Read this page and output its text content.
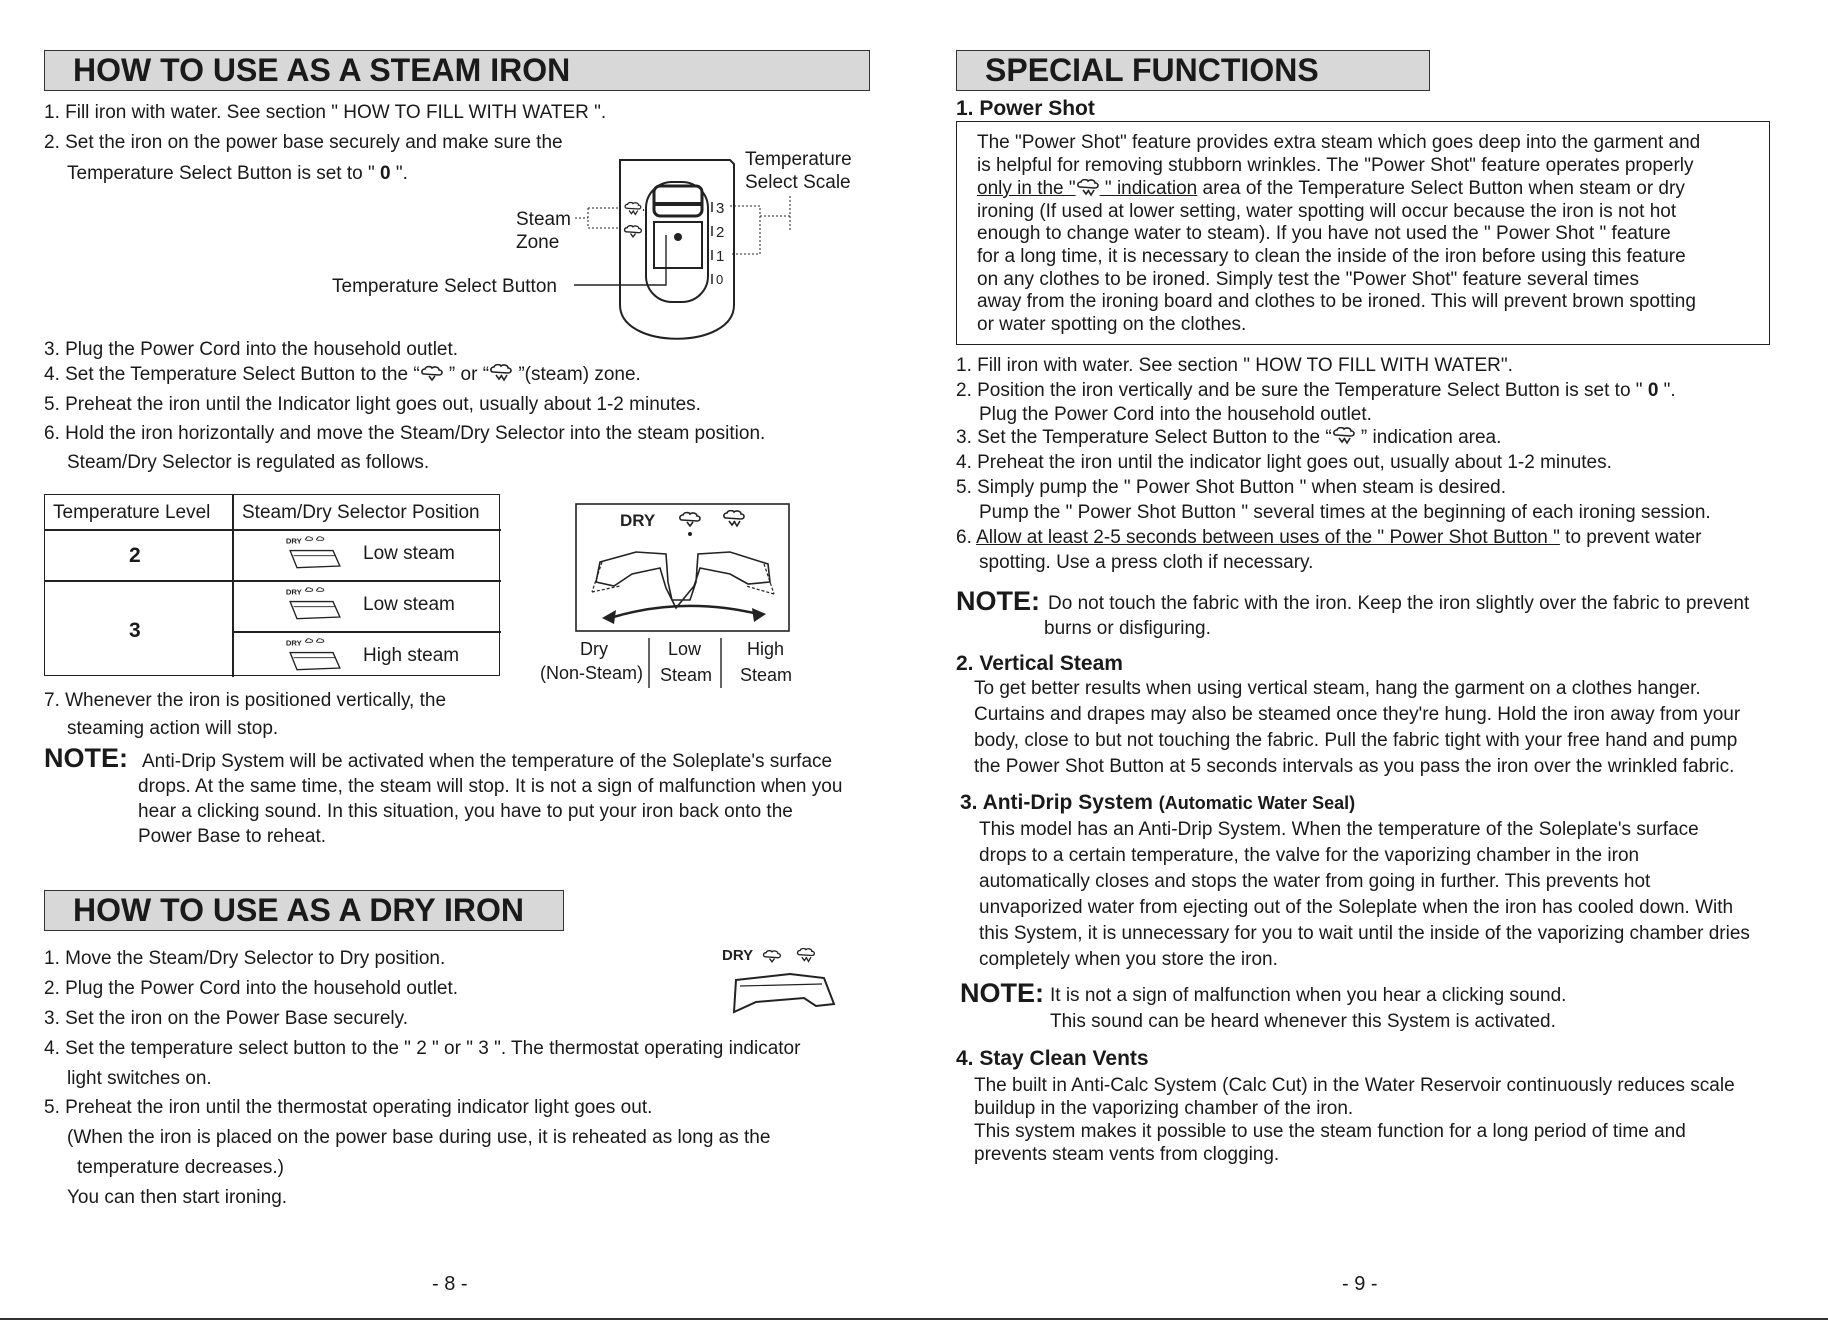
HOW TO USE AS A STEAM IRON
1. Fill iron with water. See section " HOW TO FILL WITH WATER ".
2. Set the iron on the power base securely and make sure the
Temperature Select Button is set to " 0 ".
3
2
1
0
Temperature
Select Scale
Steam
Zone
Temperature Select Button
3. Plug the Power Cord into the household outlet.
4. Set the Temperature Select Button to the “ ” or “ ”(steam) zone.
5. Preheat the iron until the Indicator light goes out, usually about 1-2 minutes.
6. Hold the iron horizontally and move the Steam/Dry Selector into the steam position.
Steam/Dry Selector is regulated as follows.
Temperature Level Steam/Dry Selector Position
2
3
Low steam
Low steam
High steam
DRY
Dry
(Non-Steam)
Low
Steam
High
Steam
7. Whenever the iron is positioned vertically, the
steaming action will stop.
NOTE: Anti-Drip System will be activated when the temperature of the Soleplate's surface
drops. At the same time, the steam will stop. It is not a sign of malfunction when you
hear a clicking sound. In this situation, you have to put your iron back onto the
Power Base to reheat.
HOW TO USE AS A DRY IRON
1. Move the Steam/Dry Selector to Dry position.
2. Plug the Power Cord into the household outlet.
3. Set the iron on the Power Base securely.
4. Set the temperature select button to the " 2 " or " 3 ". The thermostat operating indicator
light switches on.
5. Preheat the iron until the thermostat operating indicator light goes out.
(When the iron is placed on the power base during use, it is reheated as long as the
temperature decreases.)
You can then start ironing.
DRY
- 8 -
SPECIAL FUNCTIONS
1. Power Shot
The "Power Shot" feature provides extra steam which goes deep into the garment and
is helpful for removing stubborn wrinkles. The "Power Shot" feature operates properly
only in the " " indication area of the Temperature Select Button when steam or dry
ironing (If used at lower setting, water spotting will occur because the iron is not hot
enough to change water to steam). If you have not used the " Power Shot " feature
for a long time, it is necessary to clean the inside of the iron before using this feature
on any clothes to be ironed. Simply test the "Power Shot" feature several times
away from the ironing board and clothes to be ironed. This will prevent brown spotting
or water spotting on the clothes.
1. Fill iron with water. See section " HOW TO FILL WITH WATER".
2. Position the iron vertically and be sure the Temperature Select Button is set to " 0 ".
Plug the Power Cord into the household outlet.
3. Set the Temperature Select Button to the “ ” indication area.
4. Preheat the iron until the indicator light goes out, usually about 1-2 minutes.
5. Simply pump the " Power Shot Button " when steam is desired.
Pump the " Power Shot Button " several times at the beginning of each ironing session.
6. Allow at least 2-5 seconds between uses of the " Power Shot Button " to prevent water
spotting. Use a press cloth if necessary.
NOTE: Do not touch the fabric with the iron. Keep the iron slightly over the fabric to prevent
burns or disfiguring.
2. Vertical Steam
To get better results when using vertical steam, hang the garment on a clothes hanger.
Curtains and drapes may also be steamed once they're hung. Hold the iron away from your
body, close to but not touching the fabric. Pull the fabric tight with your free hand and pump
the Power Shot Button at 5 seconds intervals as you pass the iron over the wrinkled fabric.
3. Anti-Drip System (Automatic Water Seal)
This model has an Anti-Drip System. When the temperature of the Soleplate's surface
drops to a certain temperature, the valve for the vaporizing chamber in the iron
automatically closes and stops the water from going in further. This prevents hot
unvaporized water from ejecting out of the Soleplate when the iron has cooled down. With
this System, it is unnecessary for you to wait until the inside of the vaporizing chamber dries
completely when you store the iron.
NOTE: It is not a sign of malfunction when you hear a clicking sound.
This sound can be heard whenever this System is activated.
4. Stay Clean Vents
The built in Anti-Calc System (Calc Cut) in the Water Reservoir continuously reduces scale
buildup in the vaporizing chamber of the iron.
This system makes it possible to use the steam function for a long period of time and
prevents steam vents from clogging.
- 9 -
